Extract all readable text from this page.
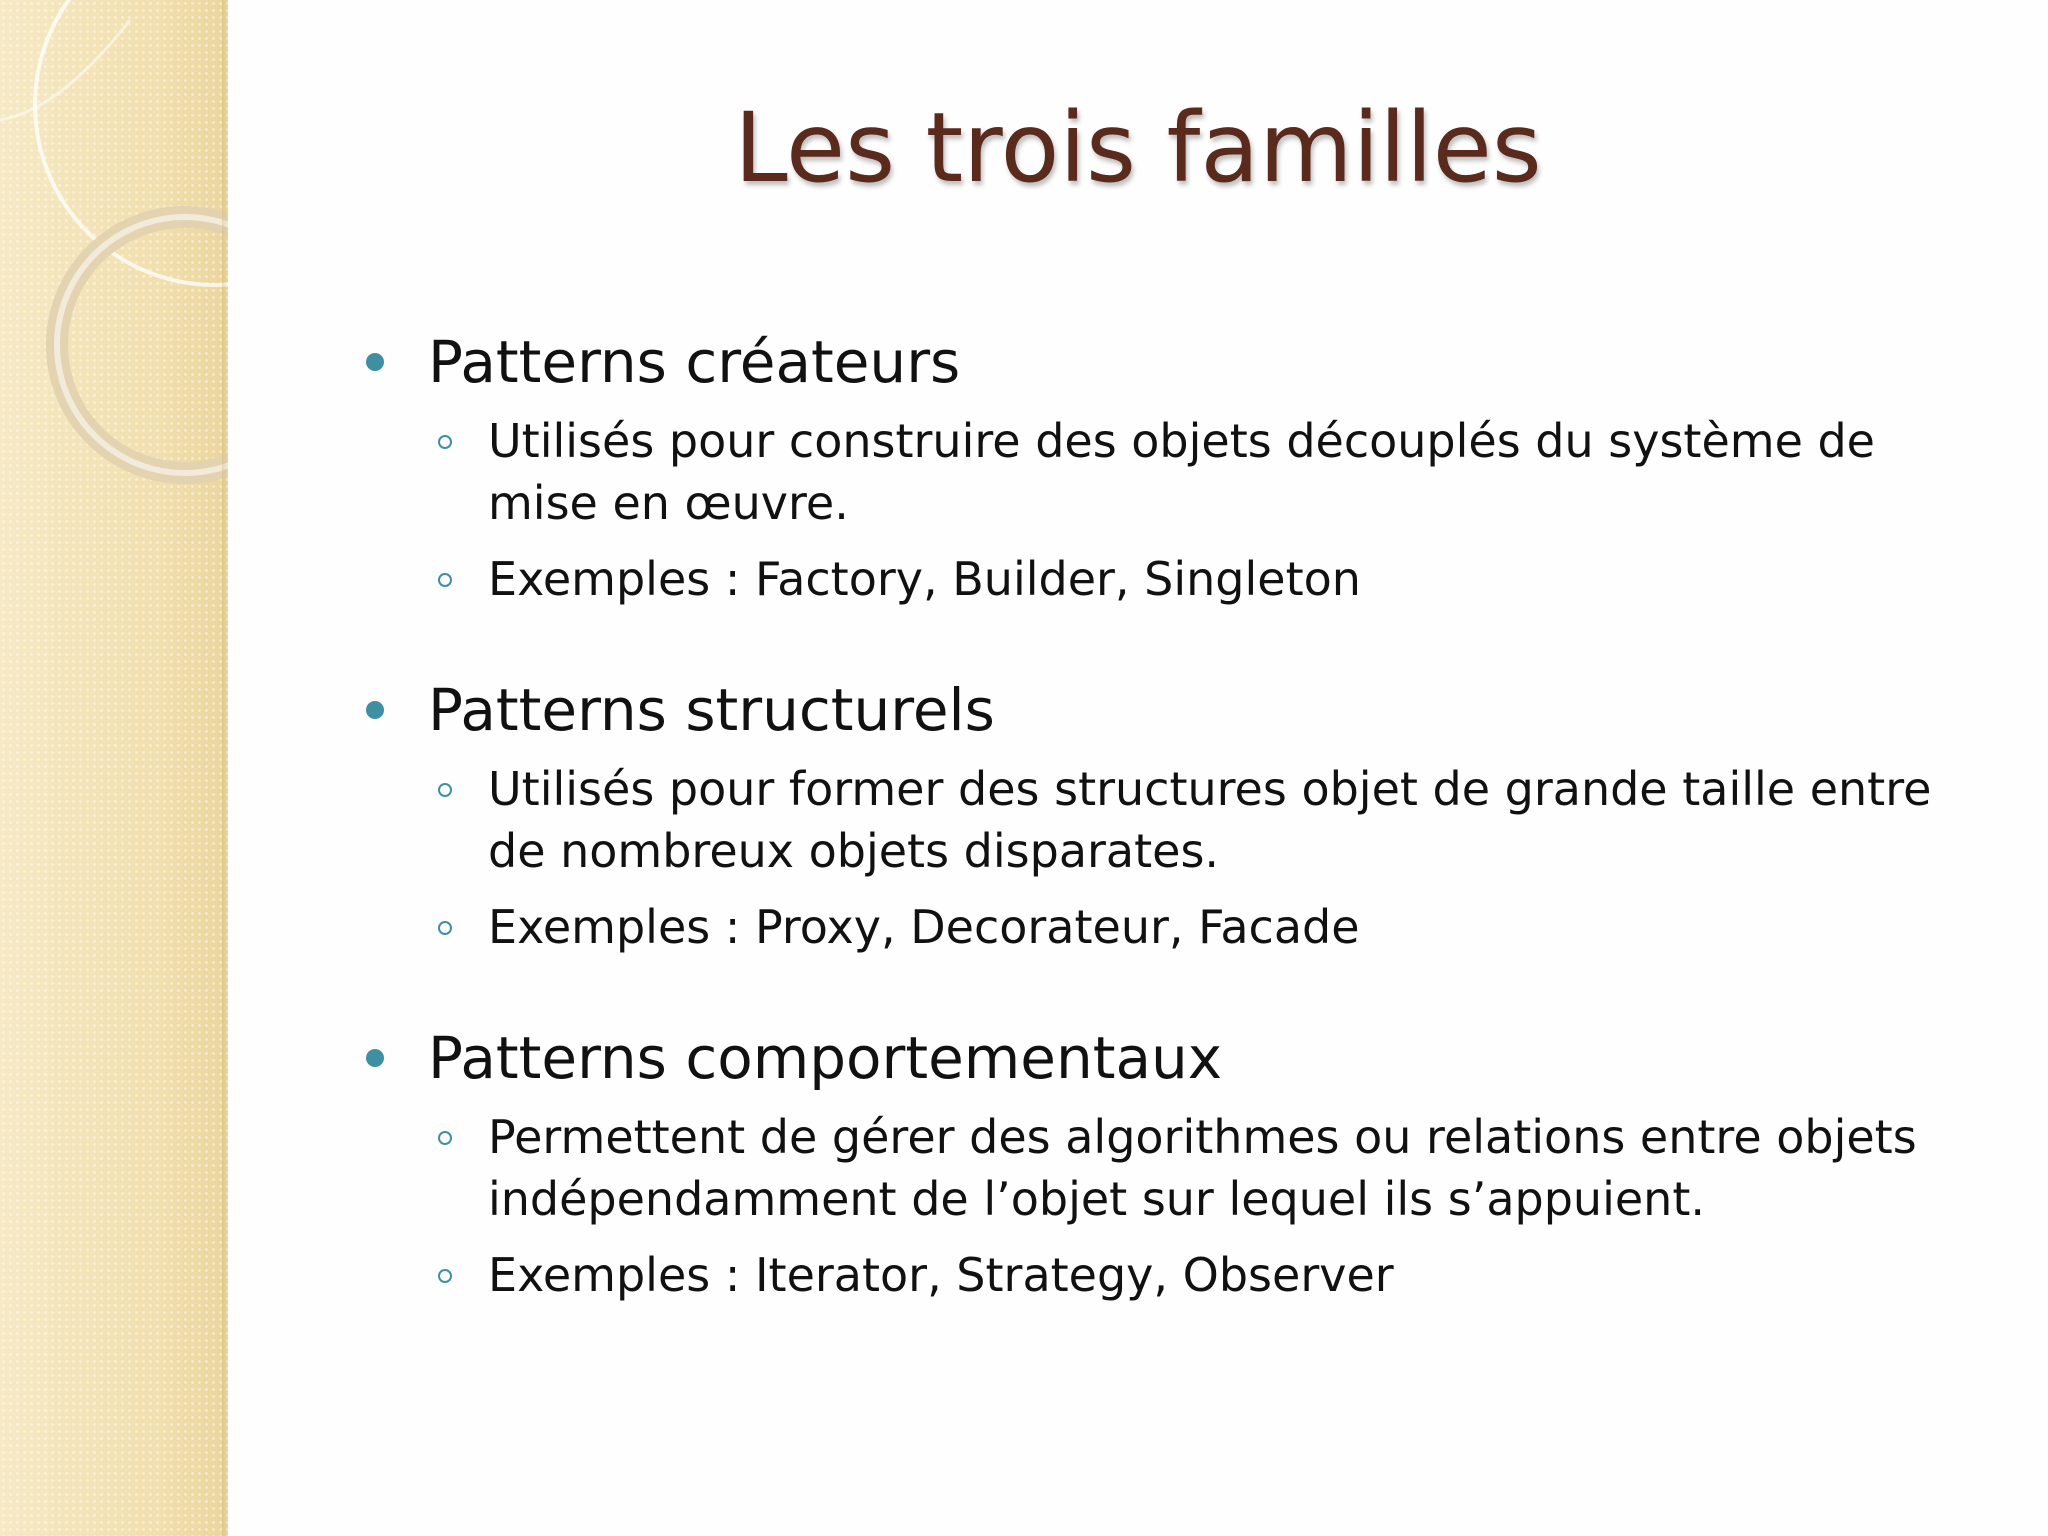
Les trois familles
Patterns créateurs
Utilisés pour construire des objets découplés du système de mise en œuvre.
Exemples : Factory, Builder, Singleton
Patterns structurels
Utilisés pour former des structures objet de grande taille entre de nombreux objets disparates.
Exemples : Proxy, Decorateur, Facade
Patterns comportementaux
Permettent de gérer des algorithmes ou relations entre objets indépendamment de l’objet sur lequel ils s’appuient.
Exemples : Iterator, Strategy, Observer
